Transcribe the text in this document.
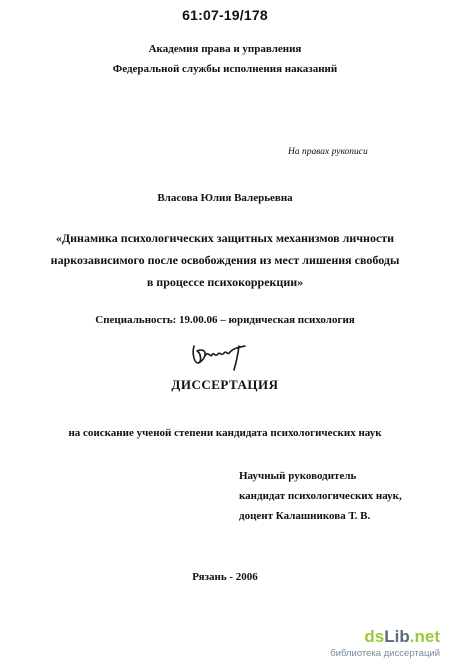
61:07-19/178
Академия права и управления
Федеральной службы исполнения наказаний
На правах рукописи
Власова Юлия Валерьевна
«Динамика психологических защитных механизмов личности
наркозависимого после освобождения из мест лишения свободы
в процессе психокоррекции»
Специальность: 19.00.06 – юридическая психология
ДИССЕРТАЦИЯ
на соискание ученой степени кандидата психологических наук
Научный руководитель
кандидат психологических наук,
доцент Калашникова Т. В.
Рязань - 2006
dsLib.net
библиотека диссертаций
